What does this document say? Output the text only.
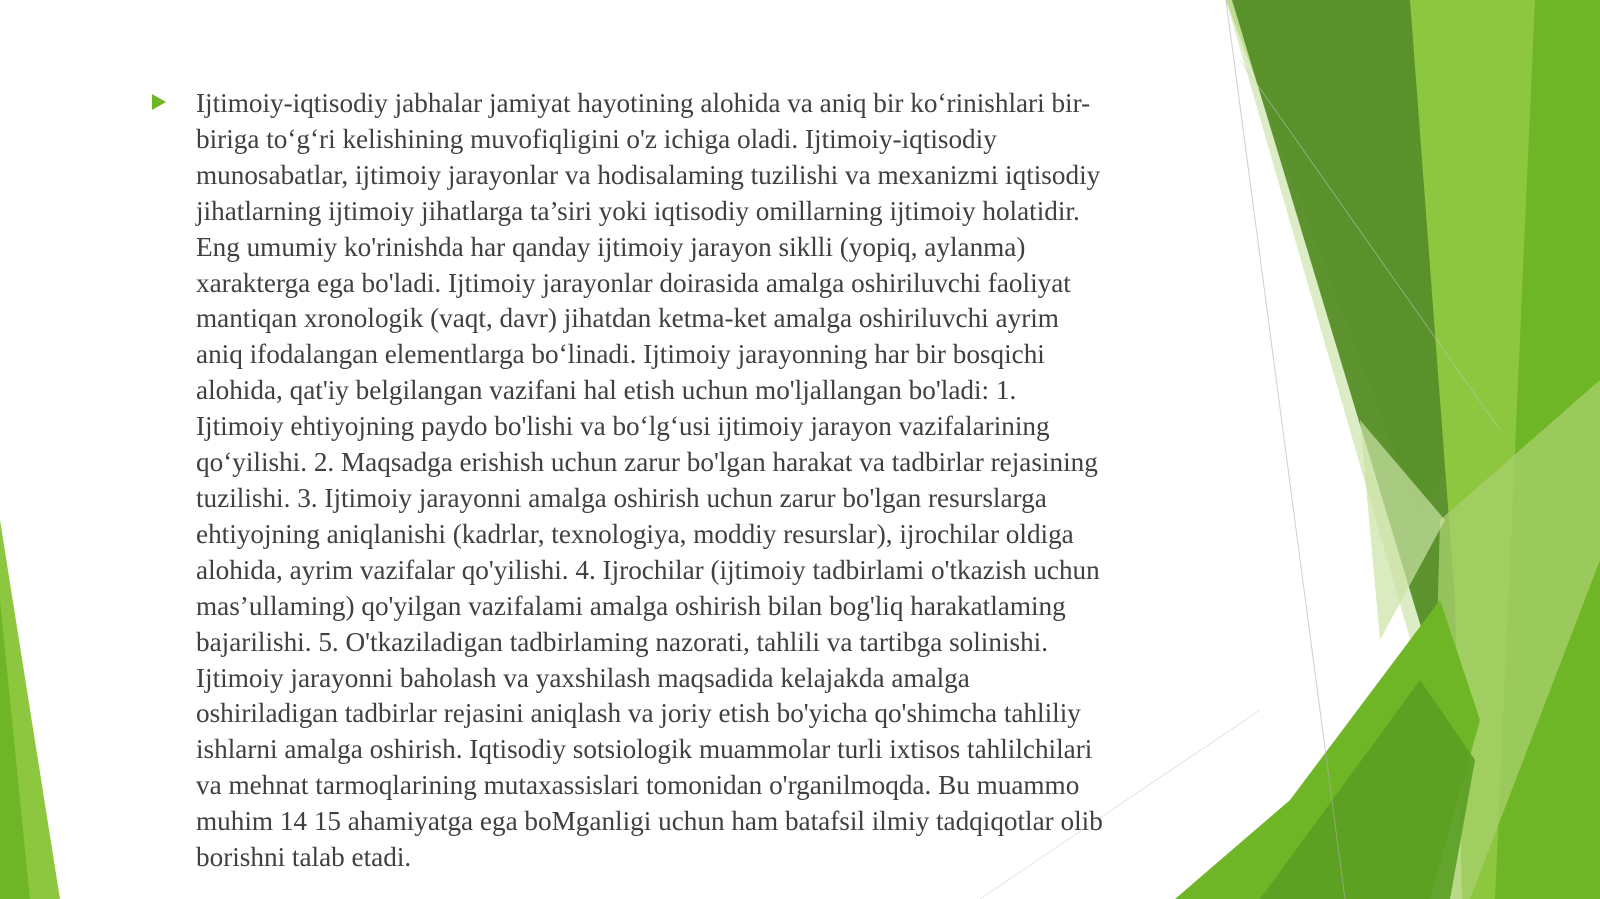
Ijtimoiy-iqtisodiy jabhalar jamiyat hayotining alohida va aniq bir ko‘rinishlari bir-
biriga to‘g‘ri kelishining muvofiqligini o'z ichiga oladi. Ijtimoiy-iqtisodiy
munosabatlar, ijtimoiy jarayonlar va hodisalaming tuzilishi va mexanizmi iqtisodiy
jihatlarning ijtimoiy jihatlarga ta’siri yoki iqtisodiy omillarning ijtimoiy holatidir.
Eng umumiy ko'rinishda har qanday ijtimoiy jarayon siklli (yopiq, aylanma)
xarakterga ega bo'ladi. Ijtimoiy jarayonlar doirasida amalga oshiriluvchi faoliyat
mantiqan xronologik (vaqt, davr) jihatdan ketma-ket amalga oshiriluvchi ayrim
aniq ifodalangan elementlarga bo‘linadi. Ijtimoiy jarayonning har bir bosqichi
alohida, qat'iy belgilangan vazifani hal etish uchun mo'ljallangan bo'ladi: 1.
Ijtimoiy ehtiyojning paydo bo'lishi va bo‘lg‘usi ijtimoiy jarayon vazifalarining
qo‘yilishi. 2. Maqsadga erishish uchun zarur bo'lgan harakat va tadbirlar rejasining
tuzilishi. 3. Ijtimoiy jarayonni amalga oshirish uchun zarur bo'lgan resurslarga
ehtiyojning aniqlanishi (kadrlar, texnologiya, moddiy resurslar), ijrochilar oldiga
alohida, ayrim vazifalar qo'yilishi. 4. Ijrochilar (ijtimoiy tadbirlami o'tkazish uchun
mas’ullaming) qo'yilgan vazifalami amalga oshirish bilan bog'liq harakatlaming
bajarilishi. 5. O'tkaziladigan tadbirlaming nazorati, tahlili va tartibga solinishi.
Ijtimoiy jarayonni baholash va yaxshilash maqsadida kelajakda amalga
oshiriladigan tadbirlar rejasini aniqlash va joriy etish bo'yicha qo'shimcha tahliliy
ishlarni amalga oshirish. Iqtisodiy sotsiologik muammolar turli ixtisos tahlilchilari
va mehnat tarmoqlarining mutaxassislari tomonidan o'rganilmoqda. Bu muammo
muhim 14 15 ahamiyatga ega boMganligi uchun ham batafsil ilmiy tadqiqotlar olib
borishni talab etadi.
